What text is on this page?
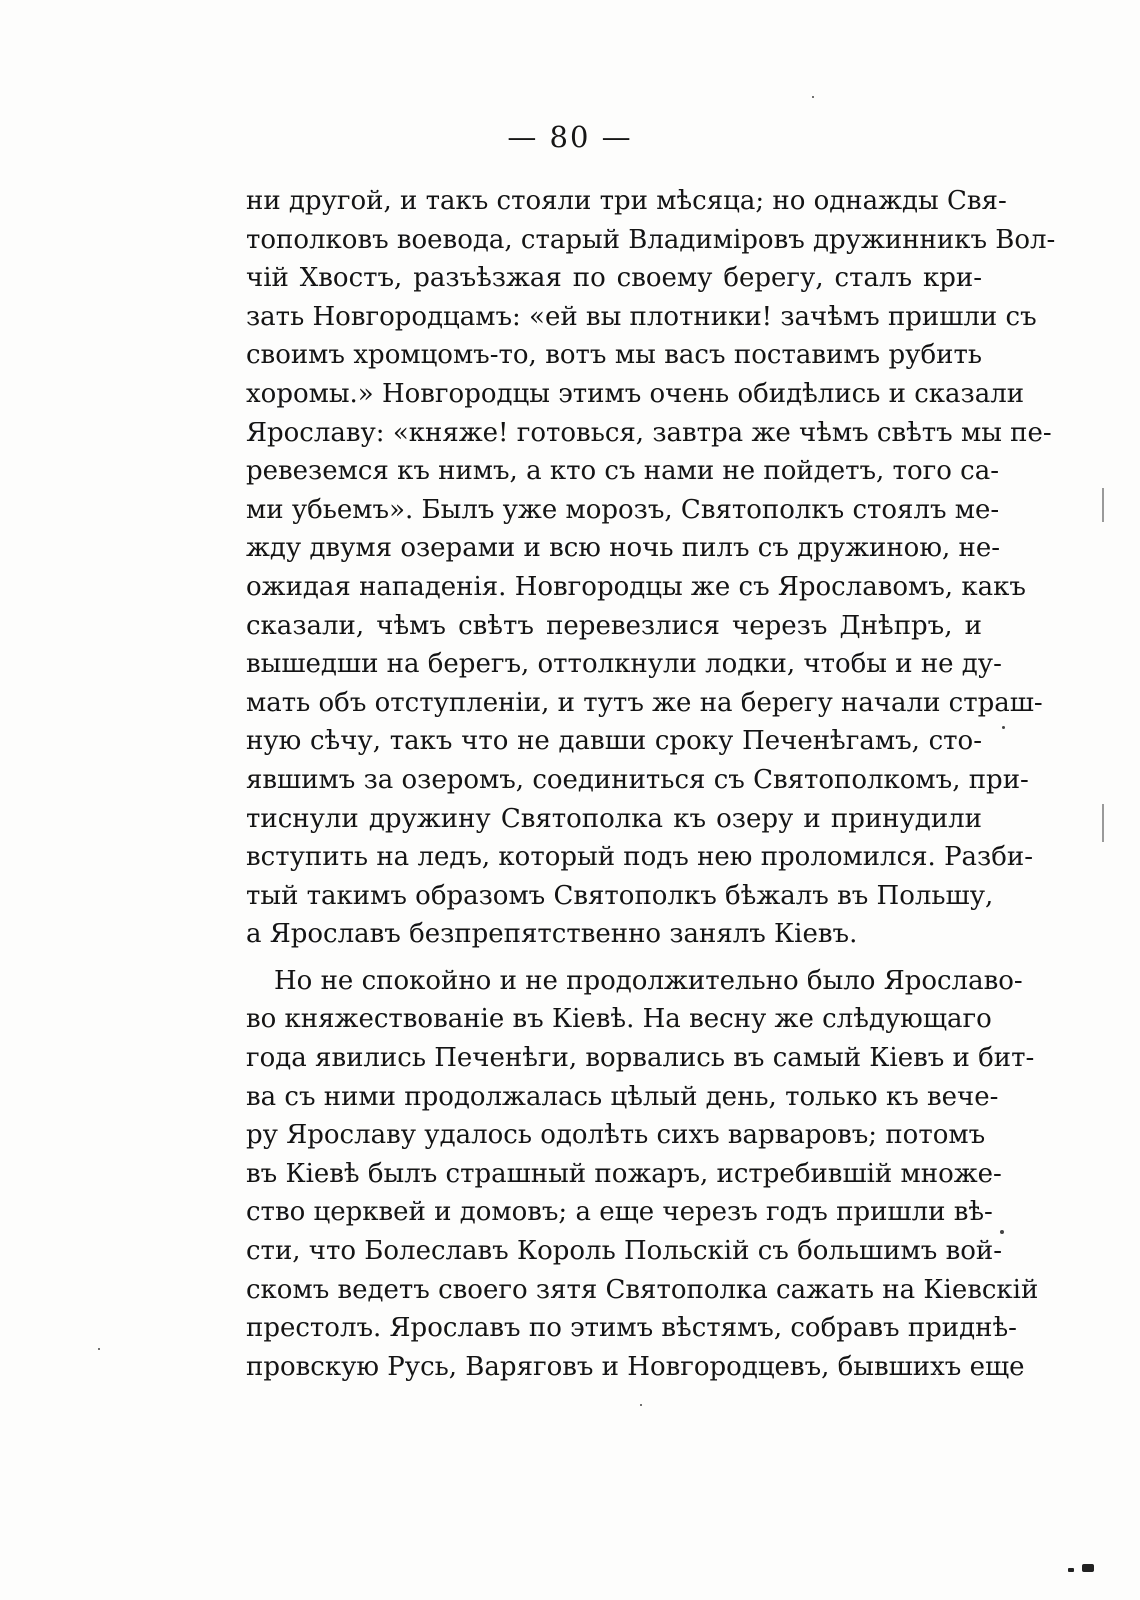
— 80 —
ни другой, и такъ стояли три мѣсяца; но однажды Свя-
тополковъ воевода, старый Владиміровъ дружинникъ Вол-
чій Хвостъ, разъѣзжая по своему берегу, сталъ кри-
зать Новгородцамъ: «ей вы плотники! зачѣмъ пришли съ
своимъ хромцомъ-то, вотъ мы васъ поставимъ рубить
хоромы.» Новгородцы этимъ очень обидѣлись и сказали
Ярославу: «княже! готовься, завтра же чѣмъ свѣтъ мы пе-
ревеземся къ нимъ, а кто съ нами не пойдетъ, того са-
ми убьемъ». Былъ уже морозъ, Святополкъ стоялъ ме-
жду двумя озерами и всю ночь пилъ съ дружиною, не-
ожидая нападенія. Новгородцы же съ Ярославомъ, какъ
сказали, чѣмъ свѣтъ перевезлися черезъ Днѣпръ, и
вышедши на берегъ, оттолкнули лодки, чтобы и не ду-
мать объ отступленіи, и тутъ же на берегу начали страш-
ную сѣчу, такъ что не давши сроку Печенѣгамъ, сто-
явшимъ за озеромъ, соединиться съ Святополкомъ, при-
тиснули дружину Святополка къ озеру и принудили
вступить на ледъ, который подъ нею проломился. Разби-
тый такимъ образомъ Святополкъ бѣжалъ въ Польшу,
а Ярославъ безпрепятственно занялъ Кіевъ.
Но не спокойно и не продолжительно было Ярославо-
во княжествованіе въ Кіевѣ. На весну же слѣдующаго
года явились Печенѣги, ворвались въ самый Кіевъ и бит-
ва съ ними продолжалась цѣлый день, только къ вече-
ру Ярославу удалось одолѣть сихъ варваровъ; потомъ
въ Кіевѣ былъ страшный пожаръ, истребившій множе-
ство церквей и домовъ; а еще черезъ годъ пришли вѣ-
сти, что Болеславъ Король Польскій съ большимъ вой-
скомъ ведетъ своего зятя Святополка сажать на Кіевскій
престолъ. Ярославъ по этимъ вѣстямъ, собравъ приднѣ-
провскую Русь, Варяговъ и Новгородцевъ, бывшихъ еще
